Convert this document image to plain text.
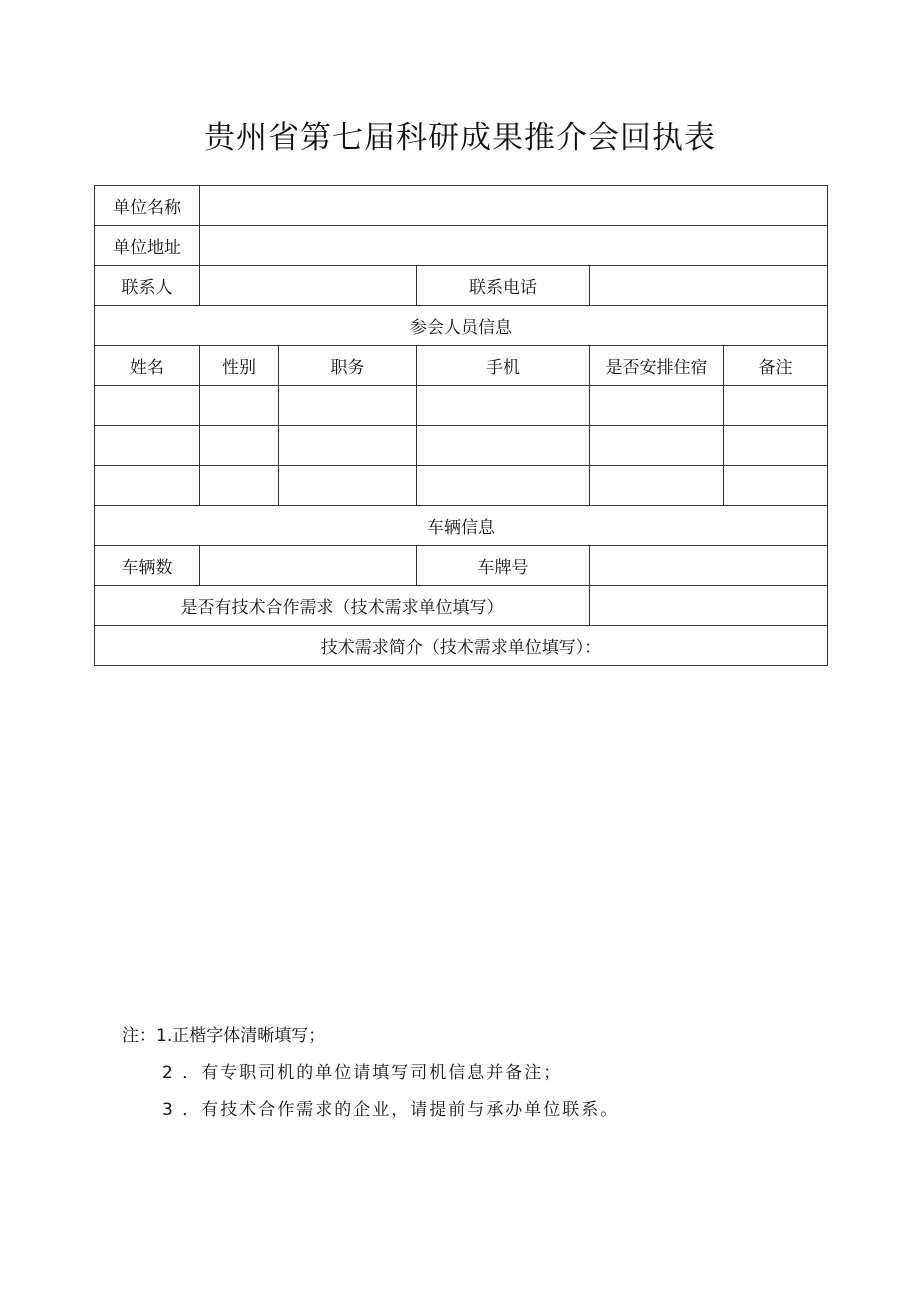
贵州省第七届科研成果推介会回执表
单位名称					
单位地址					
联系人			联系电话		
参会人员信息					
姓名	性别	职务	手机	是否安排住宿	备注

车辆信息					
车辆数			车牌号		
是否有技术合作需求（技术需求单位填写）					

技术需求简介（技术需求单位填写）：					
注：1.正楷字体清晰填写；
2 ．有专职司机的单位请填写司机信息并备注；
3 ．有技术合作需求的企业，请提前与承办单位联系。
